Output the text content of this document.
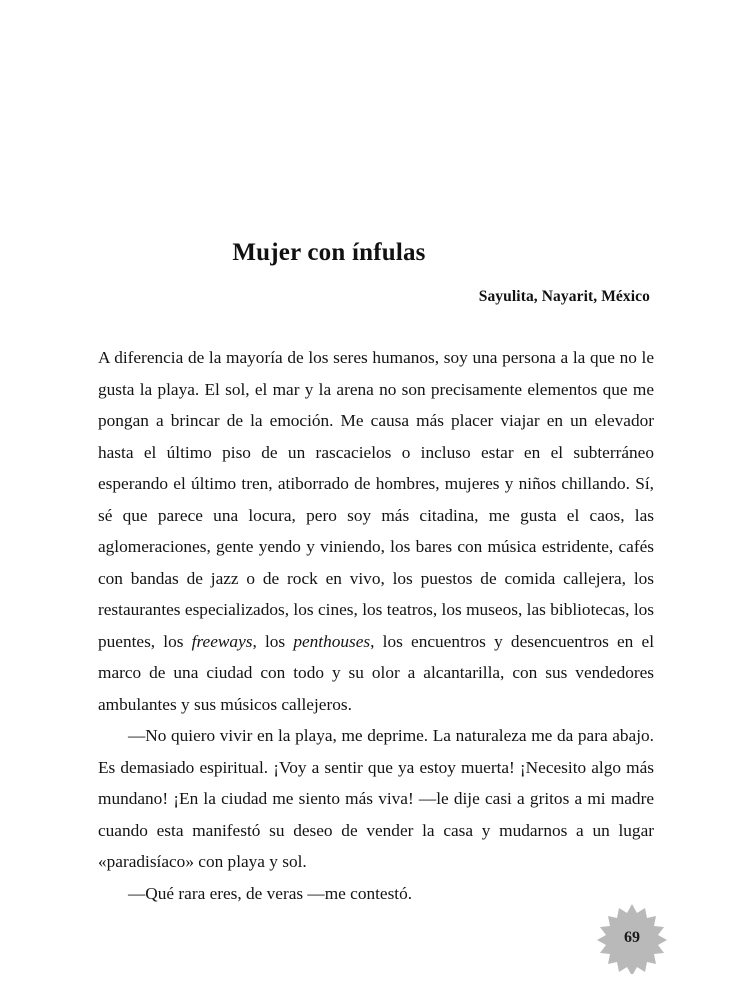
Mujer con ínfulas
Sayulita, Nayarit, México

A diferencia de la mayoría de los seres humanos, soy una persona a la que no le gusta la playa. El sol, el mar y la arena no son precisamente elementos que me pongan a brincar de la emoción. Me causa más placer viajar en un elevador hasta el último piso de un rascacielos o incluso estar en el subterráneo esperando el último tren, atiborrado de hombres, mujeres y niños chillando. Sí, sé que parece una locura, pero soy más citadina, me gusta el caos, las aglomeraciones, gente yendo y viniendo, los bares con música estridente, cafés con bandas de jazz o de rock en vivo, los puestos de comida callejera, los restaurantes especializados, los cines, los teatros, los museos, las bibliotecas, los puentes, los freeways, los penthouses, los encuentros y desencuentros en el marco de una ciudad con todo y su olor a alcantarilla, con sus vendedores ambulantes y sus músicos callejeros.

—No quiero vivir en la playa, me deprime. La naturaleza me da para abajo. Es demasiado espiritual. ¡Voy a sentir que ya estoy muerta! ¡Necesito algo más mundano! ¡En la ciudad me siento más viva! —le dije casi a gritos a mi madre cuando esta manifestó su deseo de vender la casa y mudarnos a un lugar «paradisíaco» con playa y sol.

—Qué rara eres, de veras —me contestó.

69
